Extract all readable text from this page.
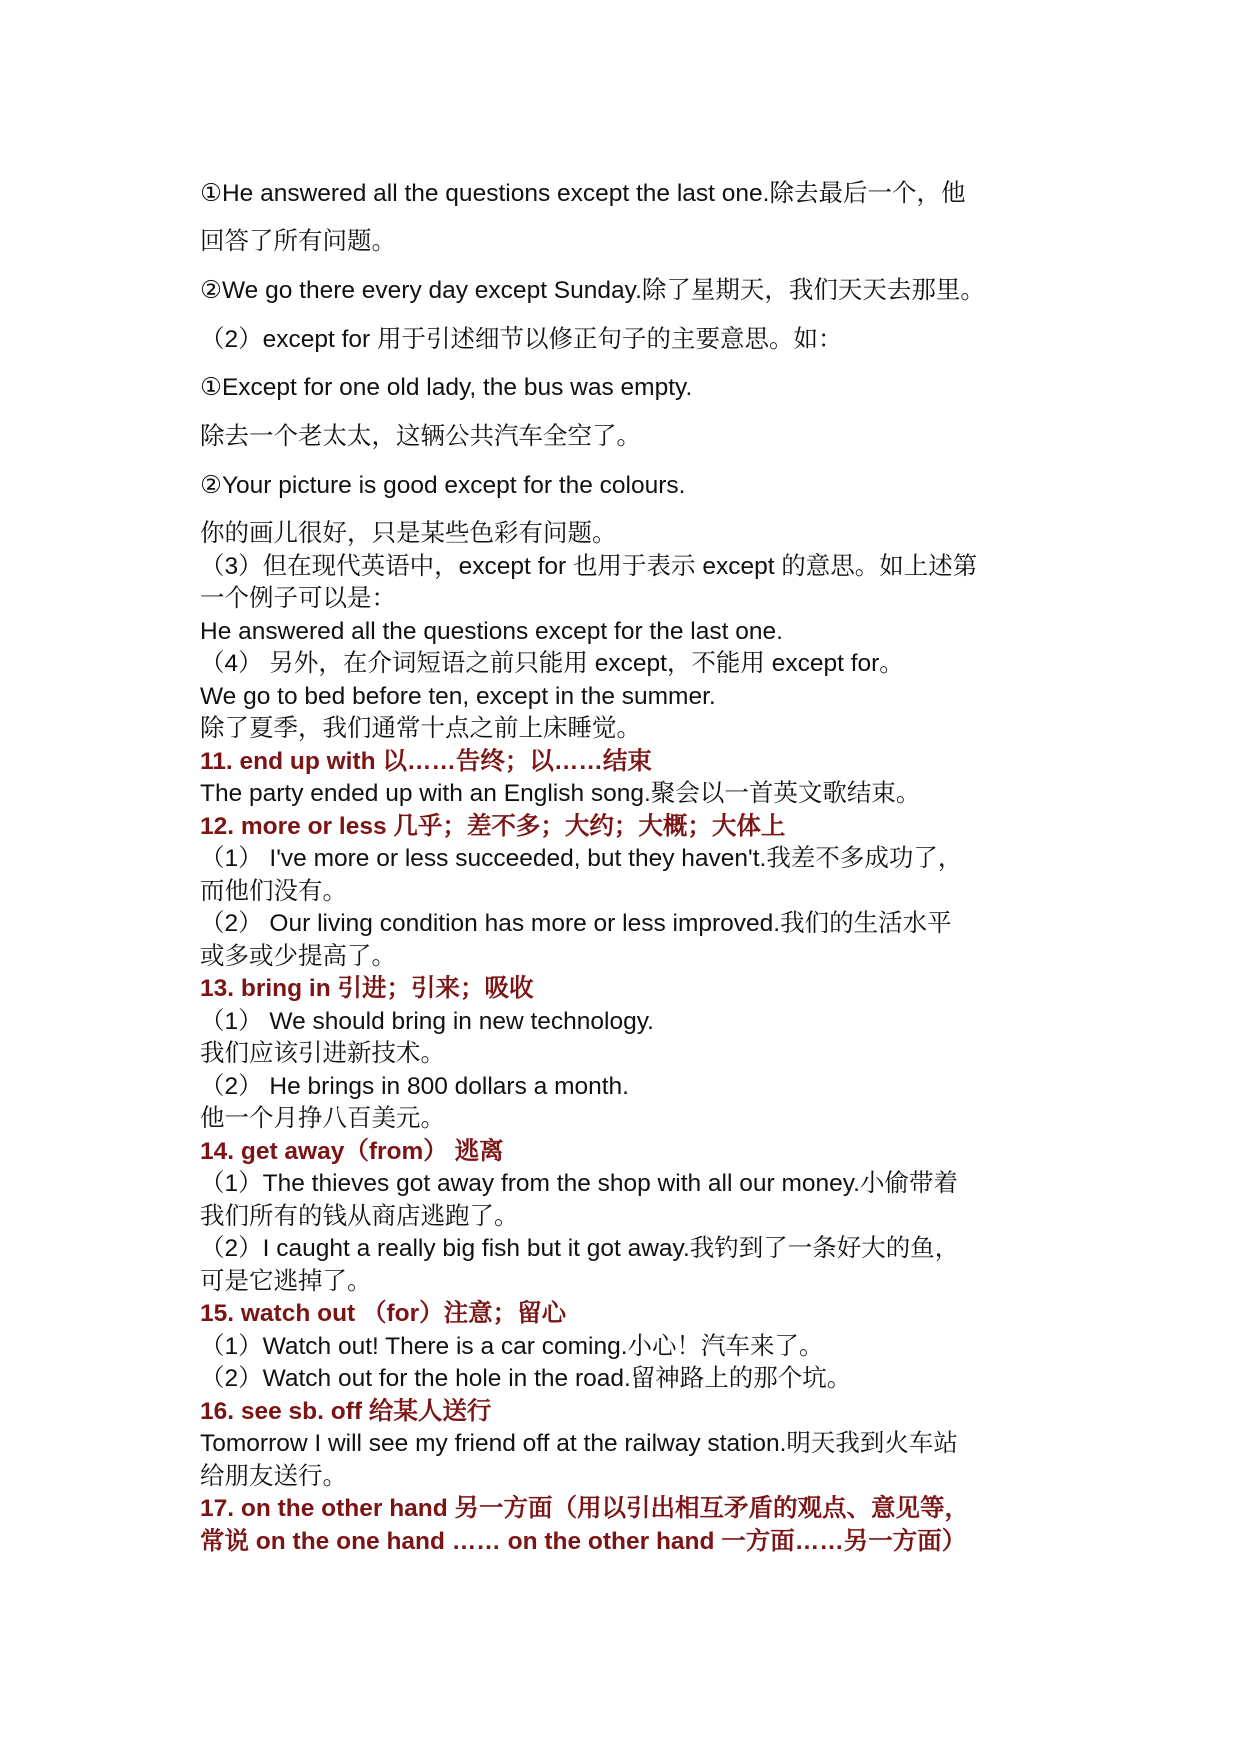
①He answered all the questions except the last one.除去最后一个，他
回答了所有问题。
②We go there every day except Sunday.除了星期天，我们天天去那里。
（2）except for 用于引述细节以修正句子的主要意思。如：
①Except for one old lady, the bus was empty.
除去一个老太太，这辆公共汽车全空了。
②Your picture is good except for the colours.
你的画儿很好，只是某些色彩有问题。
（3）但在现代英语中，except for 也用于表示 except 的意思。如上述第
一个例子可以是：
He answered all the questions except for the last one.
（4） 另外，在介词短语之前只能用 except，不能用 except for。
We go to bed before ten, except in the summer.
除了夏季，我们通常十点之前上床睡觉。
11. end up with 以……告终；以……结束
The party ended up with an English song.聚会以一首英文歌结束。
12. more or less 几乎；差不多；大约；大概；大体上
（1） I've more or less succeeded, but they haven't.我差不多成功了，
而他们没有。
（2） Our living condition has more or less improved.我们的生活水平
或多或少提高了。
13. bring in 引进；引来；吸收
（1） We should bring in new technology.
我们应该引进新技术。
（2） He brings in 800 dollars a month.
他一个月挣八百美元。
14. get away（from） 逃离
（1）The thieves got away from the shop with all our money.小偷带着
我们所有的钱从商店逃跑了。
（2）I caught a really big fish but it got away.我钓到了一条好大的鱼，
可是它逃掉了。
15. watch out （for）注意；留心
（1）Watch out! There is a car coming.小心！汽车来了。
（2）Watch out for the hole in the road.留神路上的那个坑。
16. see sb. off 给某人送行
Tomorrow I will see my friend off at the railway station.明天我到火车站
给朋友送行。
17. on the other hand 另一方面（用以引出相互矛盾的观点、意见等，
常说 on the one hand …… on the other hand 一方面……另一方面）
